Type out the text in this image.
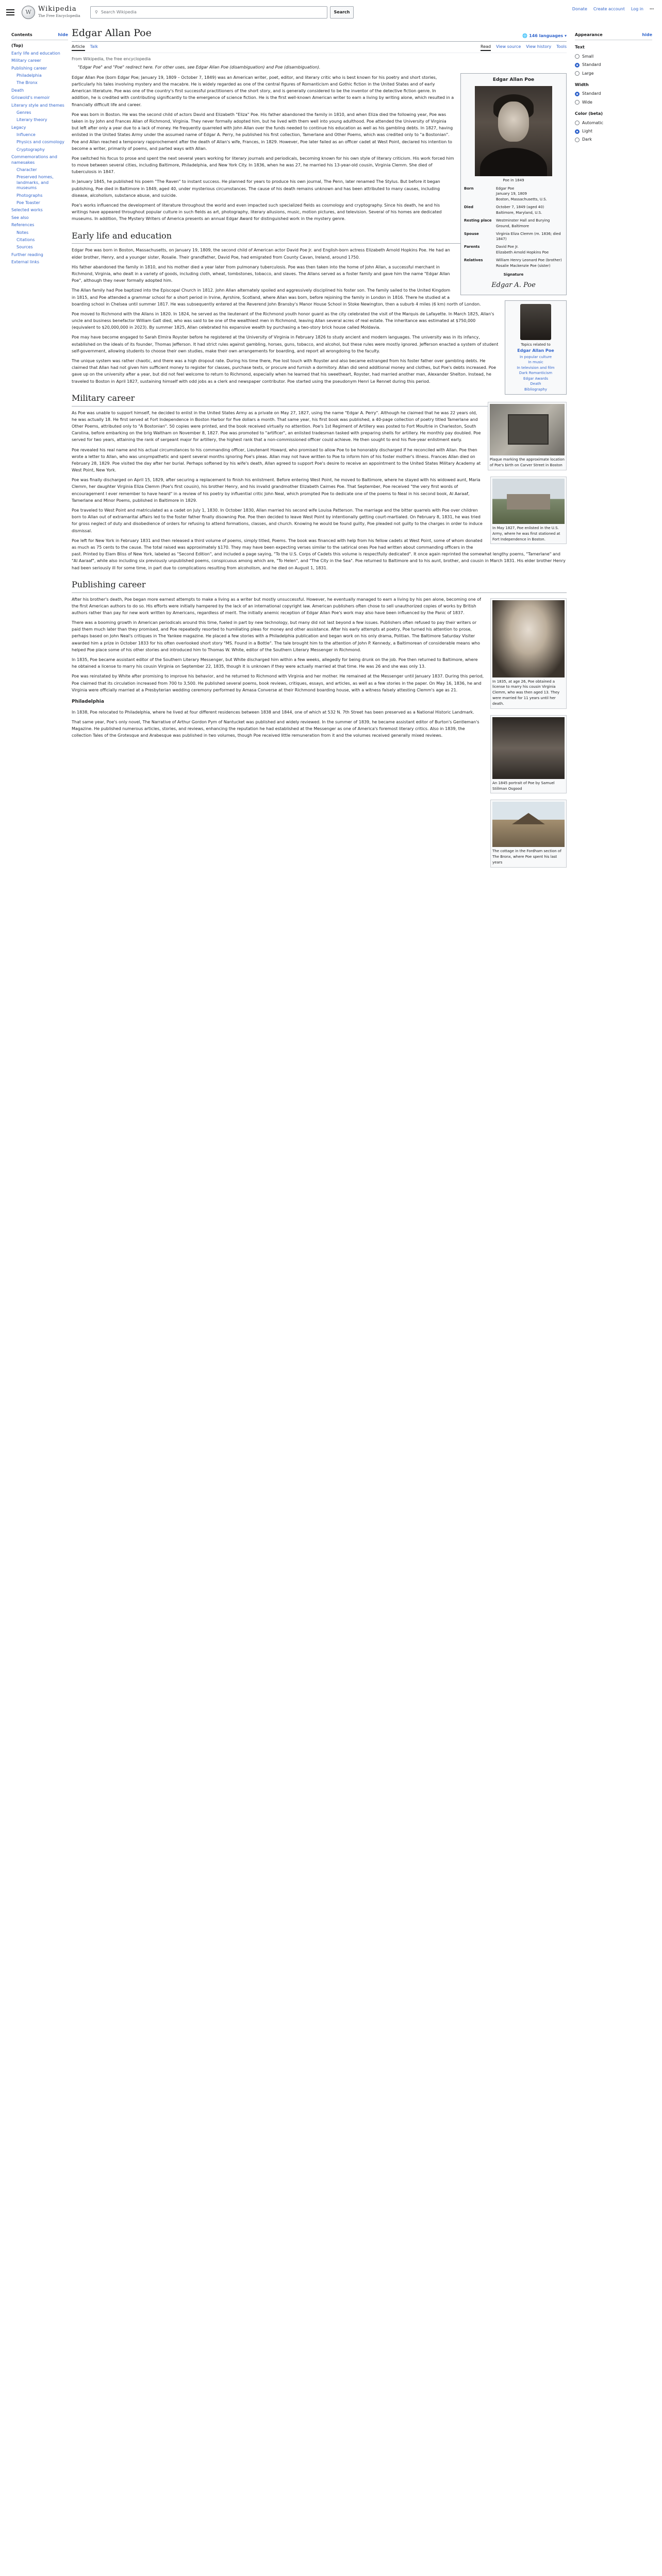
W	Wikipedia
The Free Encyclopedia
⚲ Search Wikipedia	Search
Donate Create account Log in ⋯
Contents	hide
(Top)
Early life and education
Military career
Publishing career
Philadelphia
The Bronx
Death
Griswold's memoir
Literary style and themes
Genres
Literary theory
Legacy
Influence
Physics and cosmology
Cryptography
Commemorations and namesakes
Character
Preserved homes, landmarks, and museums
Photographs
Poe Toaster
Selected works
See also
References
Notes
Citations
Sources
Further reading
External links
Edgar Allan Poe	🌐 146 languages ▾
Article Talk	Read View source View history Tools
From Wikipedia, the free encyclopedia
"Edgar Poe" and "Poe" redirect here. For other uses, see Edgar Allan Poe (disambiguation) and Poe (disambiguation).
Edgar Allan Poe
Poe in 1849
Born	Edgar Poe
January 19, 1809
Boston, Massachusetts, U.S.
Died	October 7, 1849 (aged 40)
Baltimore, Maryland, U.S.
Resting place	Westminster Hall and Burying Ground, Baltimore
Spouse	Virginia Eliza Clemm (m. 1836; died 1847)
Parents	David Poe Jr.
Elizabeth Arnold Hopkins Poe
Relatives	William Henry Leonard Poe (brother)
Rosalie Mackenzie Poe (sister)
Signature
Edgar A. Poe
Topics related to
Edgar Allan Poe
In popular culture
In music
In television and film
Dark Romanticism
Edgar Awards
Death
Bibliography

Edgar Allan Poe (born Edgar Poe; January 19, 1809 – October 7, 1849) was an American writer, poet, editor, and literary critic who is best known for his poetry and short stories, particularly his tales involving mystery and the macabre. He is widely regarded as one of the central figures of Romanticism and Gothic fiction in the United States and of early American literature. Poe was one of the country's first successful practitioners of the short story, and is generally considered to be the inventor of the detective fiction genre. In addition, he is credited with contributing significantly to the emergence of science fiction. He is the first well-known American writer to earn a living by writing alone, which resulted in a financially difficult life and career.

Poe was born in Boston. He was the second child of actors David and Elizabeth "Eliza" Poe. His father abandoned the family in 1810, and when Eliza died the following year, Poe was taken in by John and Frances Allan of Richmond, Virginia. They never formally adopted him, but he lived with them well into young adulthood. Poe attended the University of Virginia but left after only a year due to a lack of money. He frequently quarreled with John Allan over the funds needed to continue his education as well as his gambling debts. In 1827, having enlisted in the United States Army under the assumed name of Edgar A. Perry, he published his first collection, Tamerlane and Other Poems, which was credited only to "a Bostonian". Poe and Allan reached a temporary rapprochement after the death of Allan's wife, Frances, in 1829. However, Poe later failed as an officer cadet at West Point, declared his intention to become a writer, primarily of poems, and parted ways with Allan.

Poe switched his focus to prose and spent the next several years working for literary journals and periodicals, becoming known for his own style of literary criticism. His work forced him to move between several cities, including Baltimore, Philadelphia, and New York City. In 1836, when he was 27, he married his 13-year-old cousin, Virginia Clemm. She died of tuberculosis in 1847.

In January 1845, he published his poem "The Raven" to instant success. He planned for years to produce his own journal, The Penn, later renamed The Stylus. But before it began publishing, Poe died in Baltimore in 1849, aged 40, under mysterious circumstances. The cause of his death remains unknown and has been attributed to many causes, including disease, alcoholism, substance abuse, and suicide.

Poe's works influenced the development of literature throughout the world and even impacted such specialized fields as cosmology and cryptography. Since his death, he and his writings have appeared throughout popular culture in such fields as art, photography, literary allusions, music, motion pictures, and television. Several of his homes are dedicated museums. In addition, The Mystery Writers of America presents an annual Edgar Award for distinguished work in the mystery genre.

Early life and education
Plaque marking the approximate location of Poe's birth on Carver Street in Boston

Edgar Poe was born in Boston, Massachusetts, on January 19, 1809, the second child of American actor David Poe Jr. and English-born actress Elizabeth Arnold Hopkins Poe. He had an elder brother, Henry, and a younger sister, Rosalie. Their grandfather, David Poe, had emigrated from County Cavan, Ireland, around 1750.

His father abandoned the family in 1810, and his mother died a year later from pulmonary tuberculosis. Poe was then taken into the home of John Allan, a successful merchant in Richmond, Virginia, who dealt in a variety of goods, including cloth, wheat, tombstones, tobacco, and slaves. The Allans served as a foster family and gave him the name "Edgar Allan Poe", although they never formally adopted him.

The Allan family had Poe baptized into the Episcopal Church in 1812. John Allan alternately spoiled and aggressively disciplined his foster son. The family sailed to the United Kingdom in 1815, and Poe attended a grammar school for a short period in Irvine, Ayrshire, Scotland, where Allan was born, before rejoining the family in London in 1816. There he studied at a boarding school in Chelsea until summer 1817. He was subsequently entered at the Reverend John Bransby's Manor House School in Stoke Newington, then a suburb 4 miles (6 km) north of London.

Poe moved to Richmond with the Allans in 1820. In 1824, he served as the lieutenant of the Richmond youth honor guard as the city celebrated the visit of the Marquis de Lafayette. In March 1825, Allan's uncle and business benefactor William Galt died, who was said to be one of the wealthiest men in Richmond, leaving Allan several acres of real estate. The inheritance was estimated at $750,000 (equivalent to $20,000,000 in 2023). By summer 1825, Allan celebrated his expansive wealth by purchasing a two-story brick house called Moldavia.

Poe may have become engaged to Sarah Elmira Royster before he registered at the University of Virginia in February 1826 to study ancient and modern languages. The university was in its infancy, established on the ideals of its founder, Thomas Jefferson. It had strict rules against gambling, horses, guns, tobacco, and alcohol, but these rules were mostly ignored. Jefferson enacted a system of student self-government, allowing students to choose their own studies, make their own arrangements for boarding, and report all wrongdoing to the faculty.

The unique system was rather chaotic, and there was a high dropout rate. During his time there, Poe lost touch with Royster and also became estranged from his foster father over gambling debts. He claimed that Allan had not given him sufficient money to register for classes, purchase texts, or procure and furnish a dormitory. Allan did send additional money and clothes, but Poe's debts increased. Poe gave up on the university after a year, but did not feel welcome to return to Richmond, especially when he learned that his sweetheart, Royster, had married another man, Alexander Shelton. Instead, he traveled to Boston in April 1827, sustaining himself with odd jobs as a clerk and newspaper contributor. Poe started using the pseudonym Henri Le Rennet during this period.

Military career
In May 1827, Poe enlisted in the U.S. Army, where he was first stationed at Fort Independence in Boston.

As Poe was unable to support himself, he decided to enlist in the United States Army as a private on May 27, 1827, using the name "Edgar A. Perry". Although he claimed that he was 22 years old, he was actually 18. He first served at Fort Independence in Boston Harbor for five dollars a month. That same year, his first book was published, a 40-page collection of poetry titled Tamerlane and Other Poems, attributed only to "A Bostonian". 50 copies were printed, and the book received virtually no attention. Poe's 1st Regiment of Artillery was posted to Fort Moultrie in Charleston, South Carolina, before embarking on the brig Waltham on November 8, 1827. Poe was promoted to "artificer", an enlisted tradesman tasked with preparing shells for artillery. He monthly pay doubled. Poe served for two years, attaining the rank of sergeant major for artillery, the highest rank that a non-commissioned officer could achieve. He then sought to end his five-year enlistment early.

Poe revealed his real name and his actual circumstances to his commanding officer, Lieutenant Howard, who promised to allow Poe to be honorably discharged if he reconciled with Allan. Poe then wrote a letter to Allan, who was unsympathetic and spent several months ignoring Poe's pleas. Allan may not have written to Poe to inform him of his foster mother's illness. Frances Allan died on February 28, 1829. Poe visited the day after her burial. Perhaps softened by his wife's death, Allan agreed to support Poe's desire to receive an appointment to the United States Military Academy at West Point, New York.

Poe was finally discharged on April 15, 1829, after securing a replacement to finish his enlistment. Before entering West Point, he moved to Baltimore, where he stayed with his widowed aunt, Maria Clemm, her daughter Virginia Eliza Clemm (Poe's first cousin), his brother Henry, and his invalid grandmother Elizabeth Cairnes Poe. That September, Poe received "the very first words of encouragement I ever remember to have heard" in a review of his poetry by influential critic John Neal, which prompted Poe to dedicate one of the poems to Neal in his second book, Al Aaraaf, Tamerlane and Minor Poems, published in Baltimore in 1829.

Poe traveled to West Point and matriculated as a cadet on July 1, 1830. In October 1830, Allan married his second wife Louisa Patterson. The marriage and the bitter quarrels with Poe over children born to Allan out of extramarital affairs led to the foster father finally disowning Poe. Poe then decided to leave West Point by intentionally getting court-martialed. On February 8, 1831, he was tried for gross neglect of duty and disobedience of orders for refusing to attend formations, classes, and church. Knowing he would be found guilty, Poe pleaded not guilty to the charges in order to induce dismissal.

Poe left for New York in February 1831 and then released a third volume of poems, simply titled, Poems. The book was financed with help from his fellow cadets at West Point, some of whom donated as much as 75 cents to the cause. The total raised was approximately $170. They may have been expecting verses similar to the satirical ones Poe had written about commanding officers in the past. Printed by Elam Bliss of New York, labeled as "Second Edition", and included a page saying, "To the U.S. Corps of Cadets this volume is respectfully dedicated". It once again reprinted the somewhat lengthy poems, "Tamerlane" and "Al Aaraaf", while also including six previously unpublished poems, conspicuous among which are, "To Helen", and "The City in the Sea". Poe returned to Baltimore and to his aunt, brother, and cousin in March 1831. His elder brother Henry had been seriously ill for some time, in part due to complications resulting from alcoholism, and he died on August 1, 1831.

Publishing career
In 1835, at age 26, Poe obtained a license to marry his cousin Virginia Clemm, who was then aged 13. They were married for 11 years until her death.
An 1845 portrait of Poe by Samuel Stillman Osgood
The cottage in the Fordham section of The Bronx, where Poe spent his last years

After his brother's death, Poe began more earnest attempts to make a living as a writer but mostly unsuccessful. However, he eventually managed to earn a living by his pen alone, becoming one of the first American authors to do so. His efforts were initially hampered by the lack of an international copyright law. American publishers often chose to sell unauthorized copies of works by British authors rather than pay for new work written by Americans, regardless of merit. The initially anemic reception of Edgar Allan Poe's work may also have been influenced by the Panic of 1837.

There was a booming growth in American periodicals around this time, fueled in part by new technology, but many did not last beyond a few issues. Publishers often refused to pay their writers or paid them much later than they promised, and Poe repeatedly resorted to humiliating pleas for money and other assistance. After his early attempts at poetry, Poe turned his attention to prose, perhaps based on John Neal's critiques in The Yankee magazine. He placed a few stories with a Philadelphia publication and began work on his only drama, Politian. The Baltimore Saturday Visiter awarded him a prize in October 1833 for his often overlooked short story "MS. Found in a Bottle". The tale brought him to the attention of John P. Kennedy, a Baltimorean of considerable means who helped Poe place some of his other stories and introduced him to Thomas W. White, editor of the Southern Literary Messenger in Richmond.

In 1835, Poe became assistant editor of the Southern Literary Messenger, but White discharged him within a few weeks, allegedly for being drunk on the job. Poe then returned to Baltimore, where he obtained a license to marry his cousin Virginia on September 22, 1835, though it is unknown if they were actually married at that time. He was 26 and she was only 13.

Poe was reinstated by White after promising to improve his behavior, and he returned to Richmond with Virginia and her mother. He remained at the Messenger until January 1837. During this period, Poe claimed that its circulation increased from 700 to 3,500. He published several poems, book reviews, critiques, essays, and articles, as well as a few stories in the paper. On May 16, 1836, he and Virginia were officially married at a Presbyterian wedding ceremony performed by Amasa Converse at their Richmond boarding house, with a witness falsely attesting Clemm's age as 21.

Philadelphia

In 1838, Poe relocated to Philadelphia, where he lived at four different residences between 1838 and 1844, one of which at 532 N. 7th Street has been preserved as a National Historic Landmark.

That same year, Poe's only novel, The Narrative of Arthur Gordon Pym of Nantucket was published and widely reviewed. In the summer of 1839, he became assistant editor of Burton's Gentleman's Magazine. He published numerous articles, stories, and reviews, enhancing the reputation he had established at the Messenger as one of America's foremost literary critics. Also in 1839, the collection Tales of the Grotesque and Arabesque was published in two volumes, though Poe received little remuneration from it and the volumes received generally mixed reviews.

Appearance	hide
Text
Small
Standard
Large
Width
Standard
Wide
Color (beta)
Automatic
Light
Dark
